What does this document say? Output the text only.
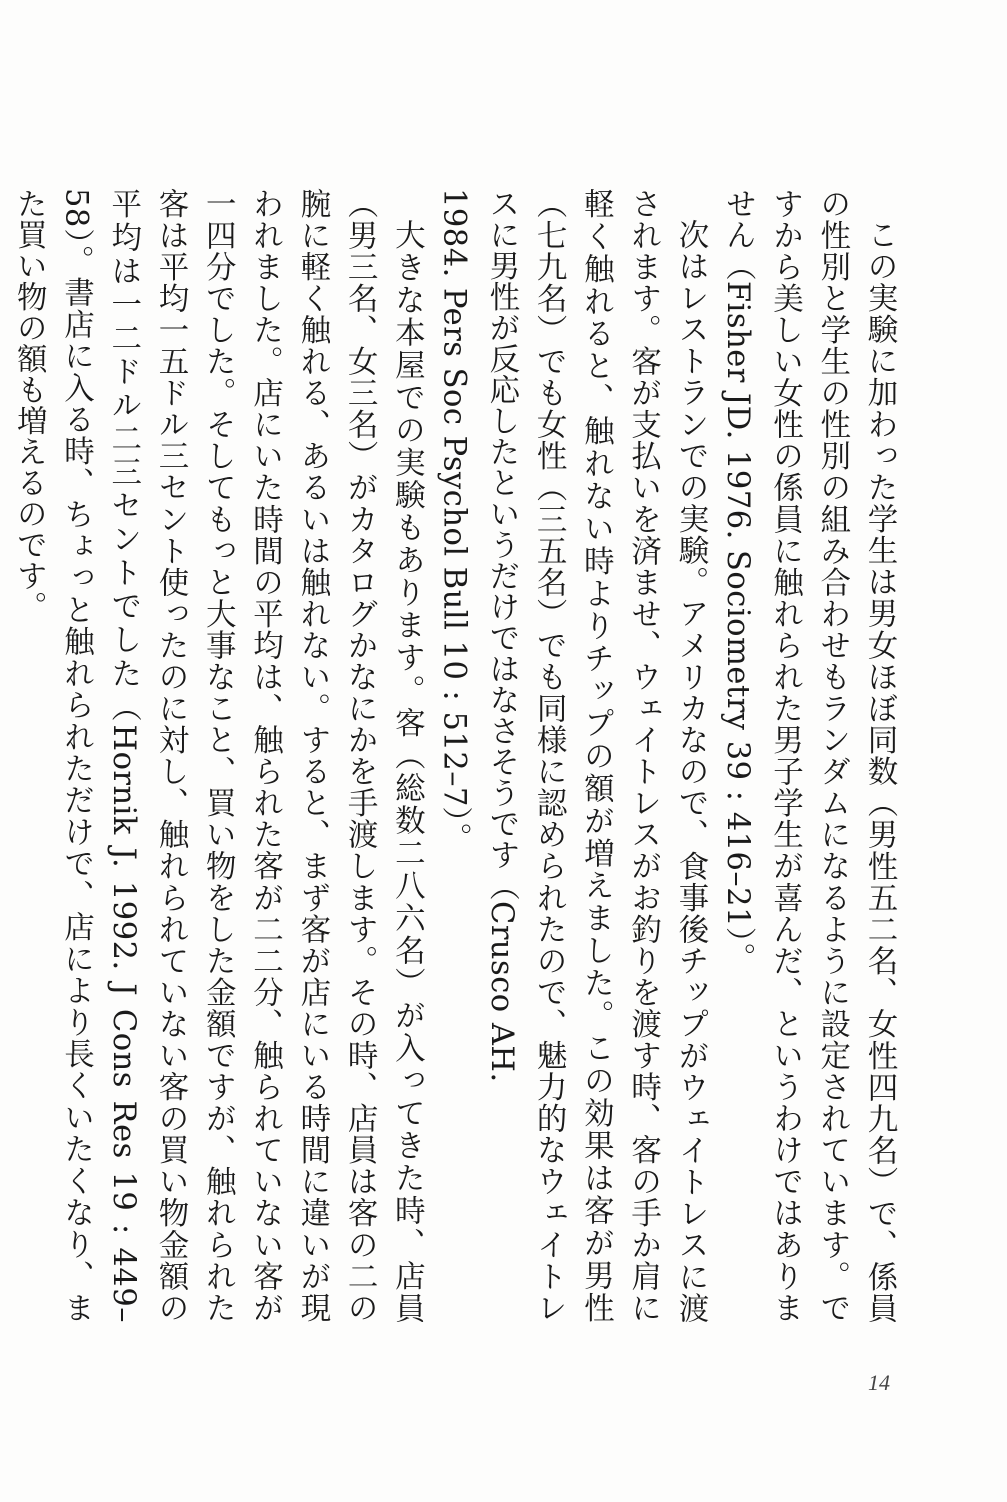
この実験に加わった学生は男女ほぼ同数（男性五二名、女性四九名）で、係員の性別と学生の性別の組み合わせもランダムになるように設定されています。ですから美しい女性の係員に触れられた男子学生が喜んだ、というわけではありません（Fisher JD. 1976. Sociometry 39 : 416–21）。

次はレストランでの実験。アメリカなので、食事後チップがウェイトレスに渡されます。客が支払いを済ませ、ウェイトレスがお釣りを渡す時、客の手か肩に軽く触れると、触れない時よりチップの額が増えました。この効果は客が男性（七九名）でも女性（三五名）でも同様に認められたので、魅力的なウェイトレスに男性が反応したというだけではなさそうです（Crusco AH.

1984. Pers Soc Psychol Bull 10 : 512–7）。

大きな本屋での実験もあります。客（総数二八六名）が入ってきた時、店員（男三名、女三名）がカタログかなにかを手渡します。その時、店員は客の二の腕に軽く触れる、あるいは触れない。すると、まず客が店にいる時間に違いが現われました。店にいた時間の平均は、触られた客が二二分、触られていない客が一四分でした。そしてもっと大事なこと、買い物をした金額ですが、触れられた客は平均一五ドル三セント使ったのに対し、触れられていない客の買い物金額の平均は一二ドル二三セントでした（Hornik J. 1992. J Cons Res 19 : 449–58）。書店に入る時、ちょっと触れられただけで、店により長くいたくなり、また買い物の額も増えるのです。

14
